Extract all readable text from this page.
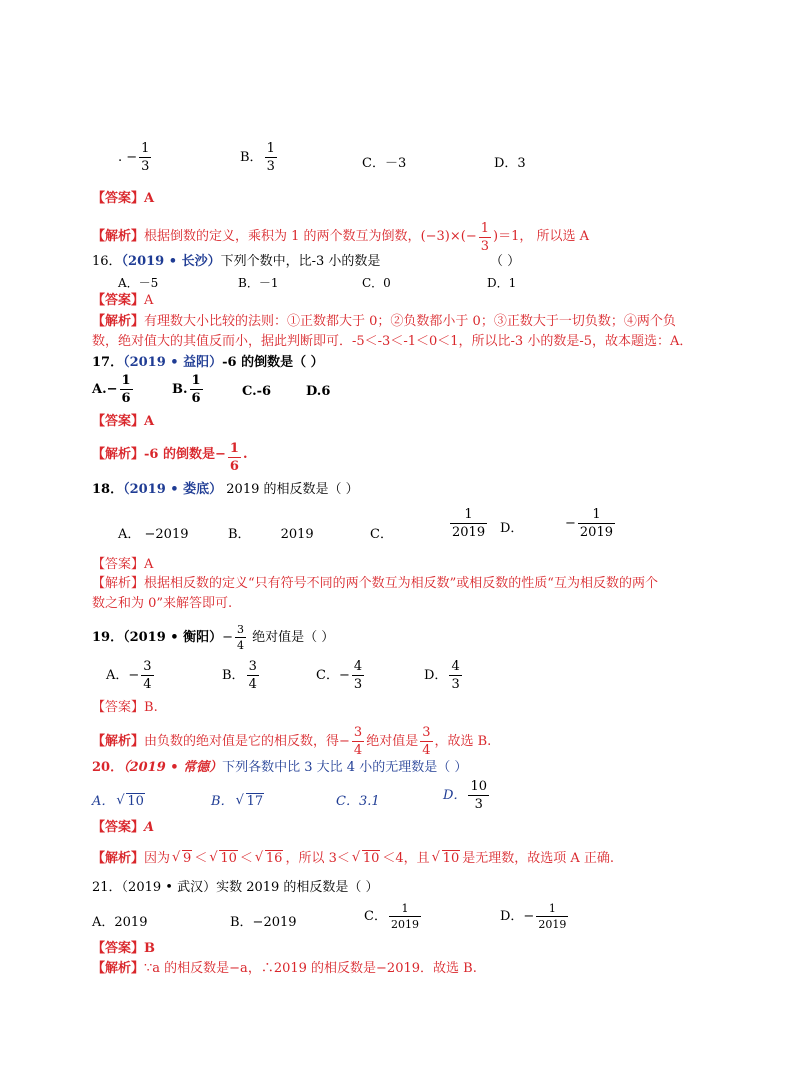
. − $\frac{1}{3}$	B． $\frac{1}{3}$	C．－3	D．3
【答案】A
【解析】根据倒数的定义，乘积为 1 的两个数互为倒数，$(-3)\times(- \frac{1}{3} )=1$， 所以选 A
16．（2019 • 长沙）下列个数中，比-3 小的数是	（ ）
A．－5	B．－1	C．0	D．1
【答案】A
【解析】有理数大小比较的法则：①正数都大于 0；②负数都小于 0；③正数大于一切负数；④两个负
数，绝对值大的其值反而小，据此判断即可．-5＜-3＜-1＜0＜1，所以比-3 小的数是-5，故本题选：A．
17．（2019 • 益阳）-6 的倒数是（ ）
$A.- \frac{1}{6}$	B. $\frac{1}{6}$	C.-6	D.6
【答案】A
【解析】-6 的倒数是− $\frac{1}{6}$ .
18．（2019 • 娄底） 2019 的相反数是（ ）
A． −2019	B． 2019	C．	$\frac{1}{2019}$ D．	− $\frac{1}{2019}$
【答案】A
【解析】根据相反数的定义“只有符号不同的两个数互为相反数”或相反数的性质“互为相反数的两个
数之和为 0”来解答即可.
19．（2019 • 衡阳）− $\frac{3}{4}$ 绝对值是（ ）
A．− $\frac{3}{4}$	B． $\frac{3}{4}$	C．− $\frac{4}{3}$	D． $\frac{4}{3}$
【答案】B.
【解析】由负数的绝对值是它的相反数，得− $\frac{3}{4}$ 绝对值是 $\frac{3}{4}$ ，故选 B.
20．（2019 • 常德）下列各数中比 3 大比 4 小的无理数是（ ）
A． √ 10	B． √ 17	C．3.1	D． $\frac{10}{3}$
【答案】A
【解析】因为 √ 9 ＜ √ 10 ＜ √ 16 ，所以 3＜ √ 10 ＜4，且 √ 10 是无理数，故选项 A 正确.
21．（2019 • 武汉）实数 2019 的相反数是（ ）
A．2019	B．−2019	C． $\frac{1}{2019}$	D．− $\frac{1}{2019}$
【答案】B
【解析】∵a 的相反数是−a，∴2019 的相反数是−2019．故选 B.
